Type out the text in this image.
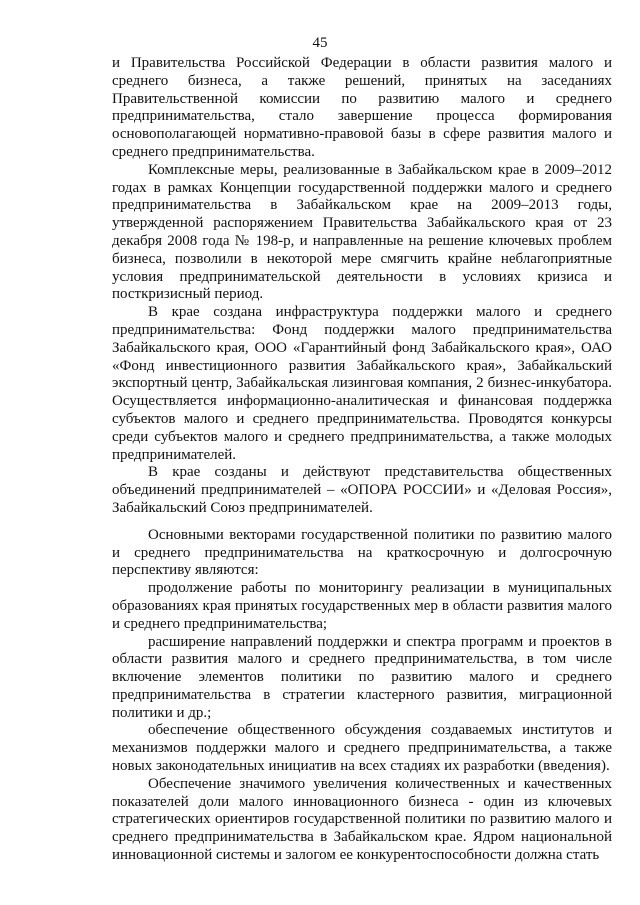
45

и Правительства Российской Федерации в области развития малого и среднего бизнеса, а также решений, принятых на заседаниях Правительственной комиссии по развитию малого и среднего предпринимательства, стало завершение процесса формирования основополагающей нормативно-правовой базы в сфере развития малого и среднего предпринимательства.

Комплексные меры, реализованные в Забайкальском крае в 2009–2012 годах в рамках Концепции государственной поддержки малого и среднего предпринимательства в Забайкальском крае на 2009–2013 годы, утвержденной распоряжением Правительства Забайкальского края от 23 декабря 2008 года № 198-р, и направленные на решение ключевых проблем бизнеса, позволили в некоторой мере смягчить крайне неблагоприятные условия предпринимательской деятельности в условиях кризиса и посткризисный период.

В крае создана инфраструктура поддержки малого и среднего предпринимательства: Фонд поддержки малого предпринимательства Забайкальского края, ООО «Гарантийный фонд Забайкальского края», ОАО «Фонд инвестиционного развития Забайкальского края», Забайкальский экспортный центр, Забайкальская лизинговая компания, 2 бизнес-инкубатора. Осуществляется информационно-аналитическая и финансовая поддержка субъектов малого и среднего предпринимательства. Проводятся конкурсы среди субъектов малого и среднего предпринимательства, а также молодых предпринимателей.

В крае созданы и действуют представительства общественных объединений предпринимателей – «ОПОРА РОССИИ» и «Деловая Россия», Забайкальский Союз предпринимателей.

Основными векторами государственной политики по развитию малого и среднего предпринимательства на краткосрочную и долгосрочную перспективу являются:

продолжение работы по мониторингу реализации в муниципальных образованиях края принятых государственных мер в области развития малого и среднего предпринимательства;

расширение направлений поддержки и спектра программ и проектов в области развития малого и среднего предпринимательства, в том числе включение элементов политики по развитию малого и среднего предпринимательства в стратегии кластерного развития, миграционной политики и др.;

обеспечение общественного обсуждения создаваемых институтов и механизмов поддержки малого и среднего предпринимательства, а также новых законодательных инициатив на всех стадиях их разработки (введения).

Обеспечение значимого увеличения количественных и качественных показателей доли малого инновационного бизнеса - один из ключевых стратегических ориентиров государственной политики по развитию малого и среднего предпринимательства в Забайкальском крае. Ядром национальной инновационной системы и залогом ее конкурентоспособности должна стать
